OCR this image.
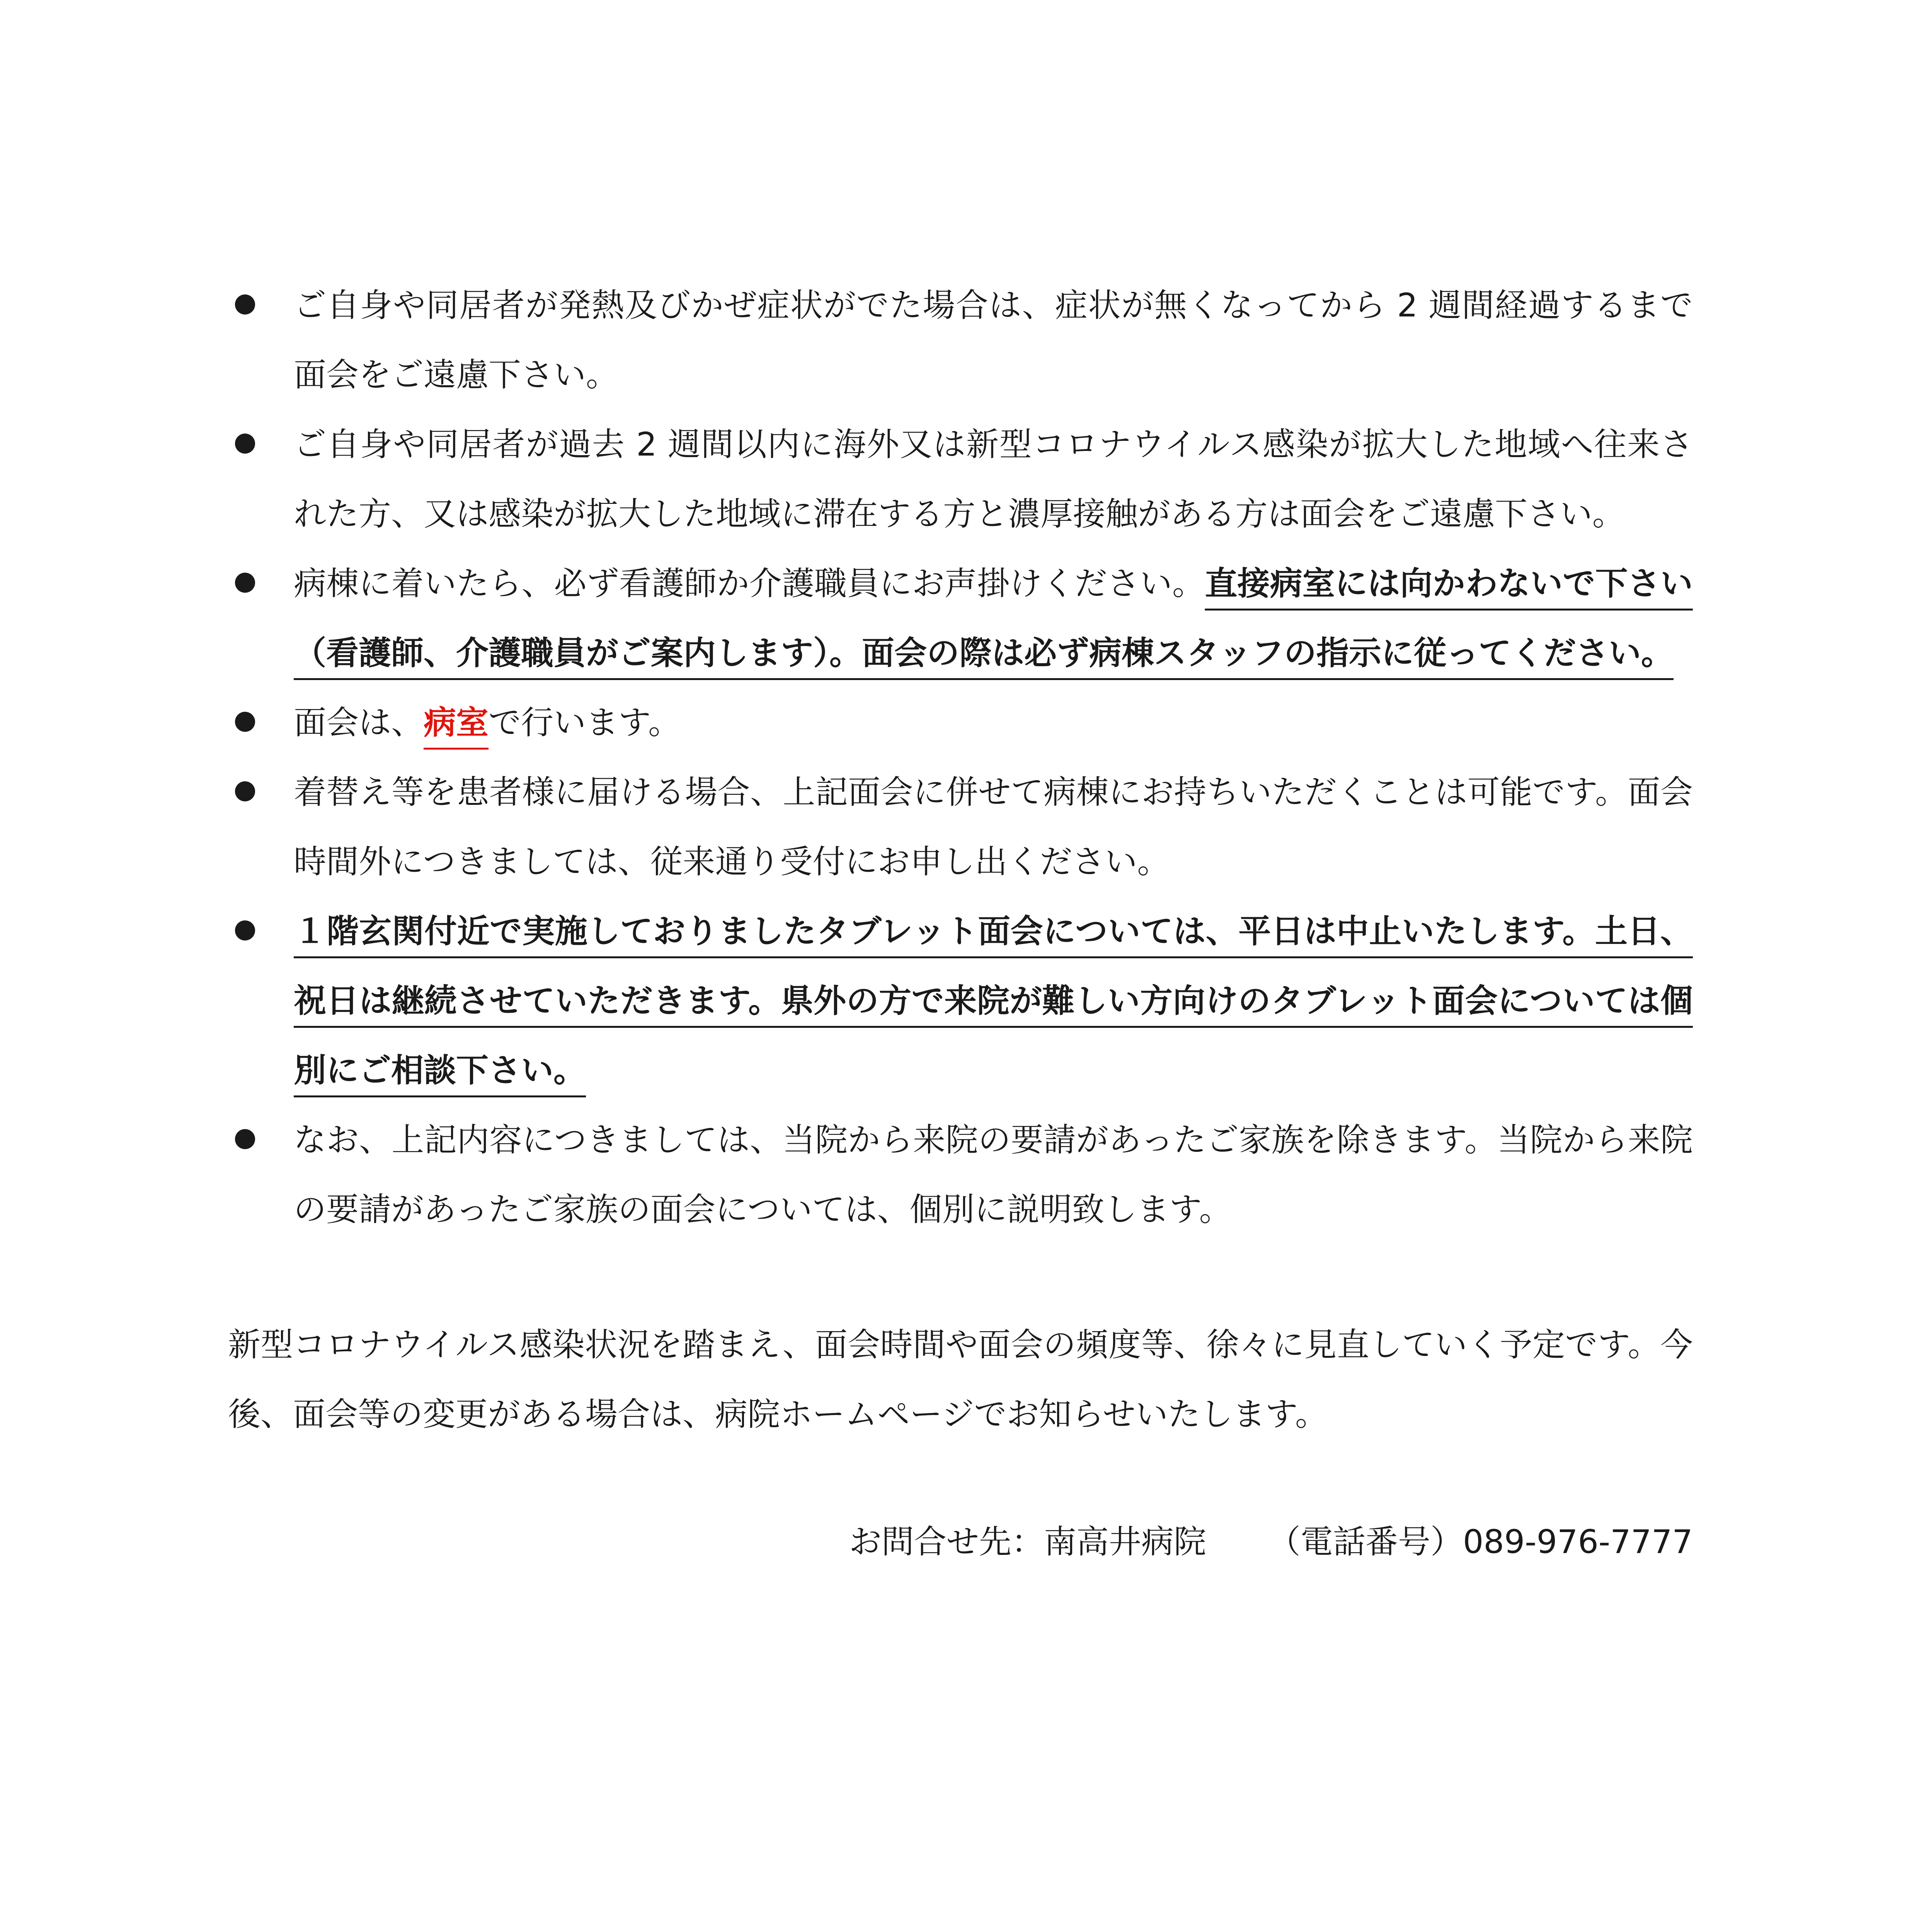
ご自身や同居者が発熱及びかぜ症状がでた場合は、症状が無くなってから 2 週間経過するまで面会をご遠慮下さい。
ご自身や同居者が過去 2 週間以内に海外又は新型コロナウイルス感染が拡大した地域へ往来された方、又は感染が拡大した地域に滞在する方と濃厚接触がある方は面会をご遠慮下さい。
病棟に着いたら、必ず看護師か介護職員にお声掛けください。直接病室には向かわないで下さい（看護師、介護職員がご案内します）。面会の際は必ず病棟スタッフの指示に従ってください。
面会は、病室で行います。
着替え等を患者様に届ける場合、上記面会に併せて病棟にお持ちいただくことは可能です。面会時間外につきましては、従来通り受付にお申し出ください。
１階玄関付近で実施しておりましたタブレット面会については、平日は中止いたします。土日、祝日は継続させていただきます。県外の方で来院が難しい方向けのタブレット面会については個別にご相談下さい。
なお、上記内容につきましては、当院から来院の要請があったご家族を除きます。当院から来院の要請があったご家族の面会については、個別に説明致します。

新型コロナウイルス感染状況を踏まえ、面会時間や面会の頻度等、徐々に見直していく予定です。今後、面会等の変更がある場合は、病院ホームページでお知らせいたします。

お問合せ先：南高井病院 （電話番号）089-976-7777
